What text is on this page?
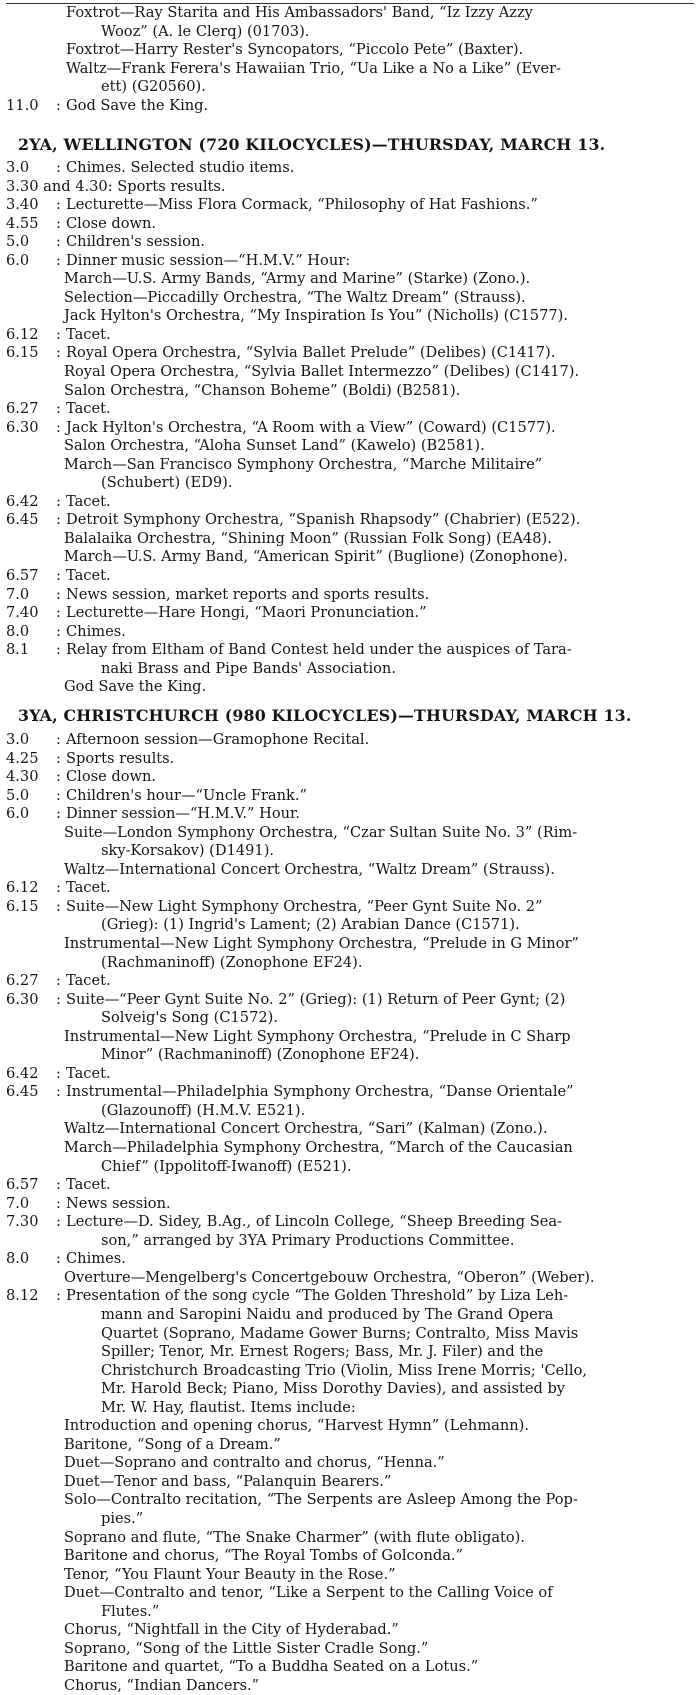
Foxtrot—Ray Starita and His Ambassadors' Band, “Iz Izzy Azzy
Wooz” (A. le Clerq) (01703).
Foxtrot—Harry Rester's Syncopators, “Piccolo Pete” (Baxter).
Waltz—Frank Ferera's Hawaiian Trio, “Ua Like a No a Like” (Ever-
ett) (G20560).
11.0 : God Save the King.
2YA, WELLINGTON (720 KILOCYCLES)—THURSDAY, MARCH 13.
3.0 : Chimes. Selected studio items.
3.30 and 4.30: Sports results.
3.40 : Lecturette—Miss Flora Cormack, “Philosophy of Hat Fashions.”
4.55 : Close down.
5.0 : Children's session.
6.0 : Dinner music session—“H.M.V.” Hour:
March—U.S. Army Bands, “Army and Marine” (Starke) (Zono.).
Selection—Piccadilly Orchestra, “The Waltz Dream” (Strauss).
Jack Hylton's Orchestra, “My Inspiration Is You” (Nicholls) (C1577).
6.12 : Tacet.
6.15 : Royal Opera Orchestra, “Sylvia Ballet Prelude” (Delibes) (C1417).
Royal Opera Orchestra, “Sylvia Ballet Intermezzo” (Delibes) (C1417).
Salon Orchestra, “Chanson Boheme” (Boldi) (B2581).
6.27 : Tacet.
6.30 : Jack Hylton's Orchestra, “A Room with a View” (Coward) (C1577).
Salon Orchestra, “Aloha Sunset Land” (Kawelo) (B2581).
March—San Francisco Symphony Orchestra, “Marche Militaire”
(Schubert) (ED9).
6.42 : Tacet.
6.45 : Detroit Symphony Orchestra, “Spanish Rhapsody” (Chabrier) (E522).
Balalaika Orchestra, “Shining Moon” (Russian Folk Song) (EA48).
March—U.S. Army Band, “American Spirit” (Buglione) (Zonophone).
6.57 : Tacet.
7.0 : News session, market reports and sports results.
7.40 : Lecturette—Hare Hongi, “Maori Pronunciation.”
8.0 : Chimes.
8.1 : Relay from Eltham of Band Contest held under the auspices of Tara-
naki Brass and Pipe Bands' Association.
God Save the King.
3YA, CHRISTCHURCH (980 KILOCYCLES)—THURSDAY, MARCH 13.
3.0 : Afternoon session—Gramophone Recital.
4.25 : Sports results.
4.30 : Close down.
5.0 : Children's hour—“Uncle Frank.”
6.0 : Dinner session—“H.M.V.” Hour.
Suite—London Symphony Orchestra, “Czar Sultan Suite No. 3” (Rim-
sky-Korsakov) (D1491).
Waltz—International Concert Orchestra, “Waltz Dream” (Strauss).
6.12 : Tacet.
6.15 : Suite—New Light Symphony Orchestra, “Peer Gynt Suite No. 2”
(Grieg): (1) Ingrid's Lament; (2) Arabian Dance (C1571).
Instrumental—New Light Symphony Orchestra, “Prelude in G Minor”
(Rachmaninoff) (Zonophone EF24).
6.27 : Tacet.
6.30 : Suite—“Peer Gynt Suite No. 2” (Grieg): (1) Return of Peer Gynt; (2)
Solveig's Song (C1572).
Instrumental—New Light Symphony Orchestra, “Prelude in C Sharp
Minor” (Rachmaninoff) (Zonophone EF24).
6.42 : Tacet.
6.45 : Instrumental—Philadelphia Symphony Orchestra, “Danse Orientale”
(Glazounoff) (H.M.V. E521).
Waltz—International Concert Orchestra, “Sari” (Kalman) (Zono.).
March—Philadelphia Symphony Orchestra, “March of the Caucasian
Chief” (Ippolitoff-Iwanoff) (E521).
6.57 : Tacet.
7.0 : News session.
7.30 : Lecture—D. Sidey, B.Ag., of Lincoln College, “Sheep Breeding Sea-
son,” arranged by 3YA Primary Productions Committee.
8.0 : Chimes.
Overture—Mengelberg's Concertgebouw Orchestra, “Oberon” (Weber).
8.12 : Presentation of the song cycle “The Golden Threshold” by Liza Leh-
mann and Saropini Naidu and produced by The Grand Opera
Quartet (Soprano, Madame Gower Burns; Contralto, Miss Mavis
Spiller; Tenor, Mr. Ernest Rogers; Bass, Mr. J. Filer) and the
Christchurch Broadcasting Trio (Violin, Miss Irene Morris; 'Cello,
Mr. Harold Beck; Piano, Miss Dorothy Davies), and assisted by
Mr. W. Hay, flautist. Items include:
Introduction and opening chorus, “Harvest Hymn” (Lehmann).
Baritone, “Song of a Dream.”
Duet—Soprano and contralto and chorus, “Henna.”
Duet—Tenor and bass, “Palanquin Bearers.”
Solo—Contralto recitation, “The Serpents are Asleep Among the Pop-
pies.”
Soprano and flute, “The Snake Charmer” (with flute obligato).
Baritone and chorus, “The Royal Tombs of Golconda.”
Tenor, “You Flaunt Your Beauty in the Rose.”
Duet—Contralto and tenor, “Like a Serpent to the Calling Voice of
Flutes.”
Chorus, “Nightfall in the City of Hyderabad.”
Soprano, “Song of the Little Sister Cradle Song.”
Baritone and quartet, “To a Buddha Seated on a Lotus.”
Chorus, “Indian Dancers.”
